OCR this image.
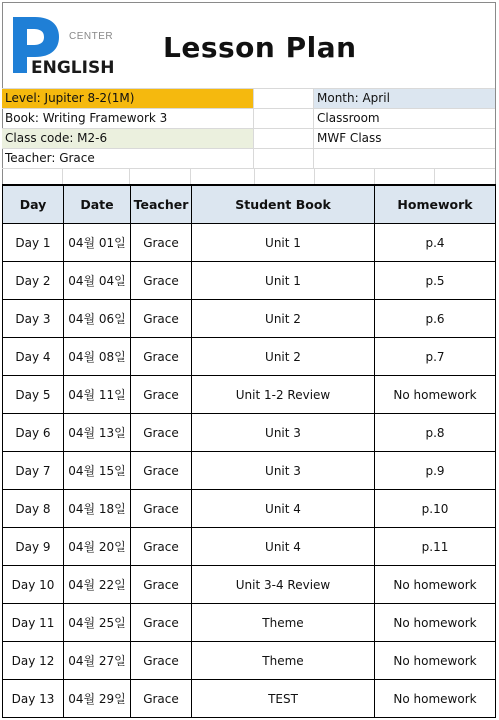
CENTER
ENGLISH
Lesson Plan
Level: Jupiter 8-2(1M)	Month: April
Book: Writing Framework 3	Classroom
Class code: M2-6	MWF Class
Teacher: Grace
Day	Date	Teacher	Student Book	Homework
Day 1	04월 01일	Grace	Unit 1	p.4
Day 2	04월 04일	Grace	Unit 1	p.5
Day 3	04월 06일	Grace	Unit 2	p.6
Day 4	04월 08일	Grace	Unit 2	p.7
Day 5	04월 11일	Grace	Unit 1-2 Review	No homework
Day 6	04월 13일	Grace	Unit 3	p.8
Day 7	04월 15일	Grace	Unit 3	p.9
Day 8	04월 18일	Grace	Unit 4	p.10
Day 9	04월 20일	Grace	Unit 4	p.11
Day 10	04월 22일	Grace	Unit 3-4 Review	No homework
Day 11	04월 25일	Grace	Theme	No homework
Day 12	04월 27일	Grace	Theme	No homework
Day 13	04월 29일	Grace	TEST	No homework
